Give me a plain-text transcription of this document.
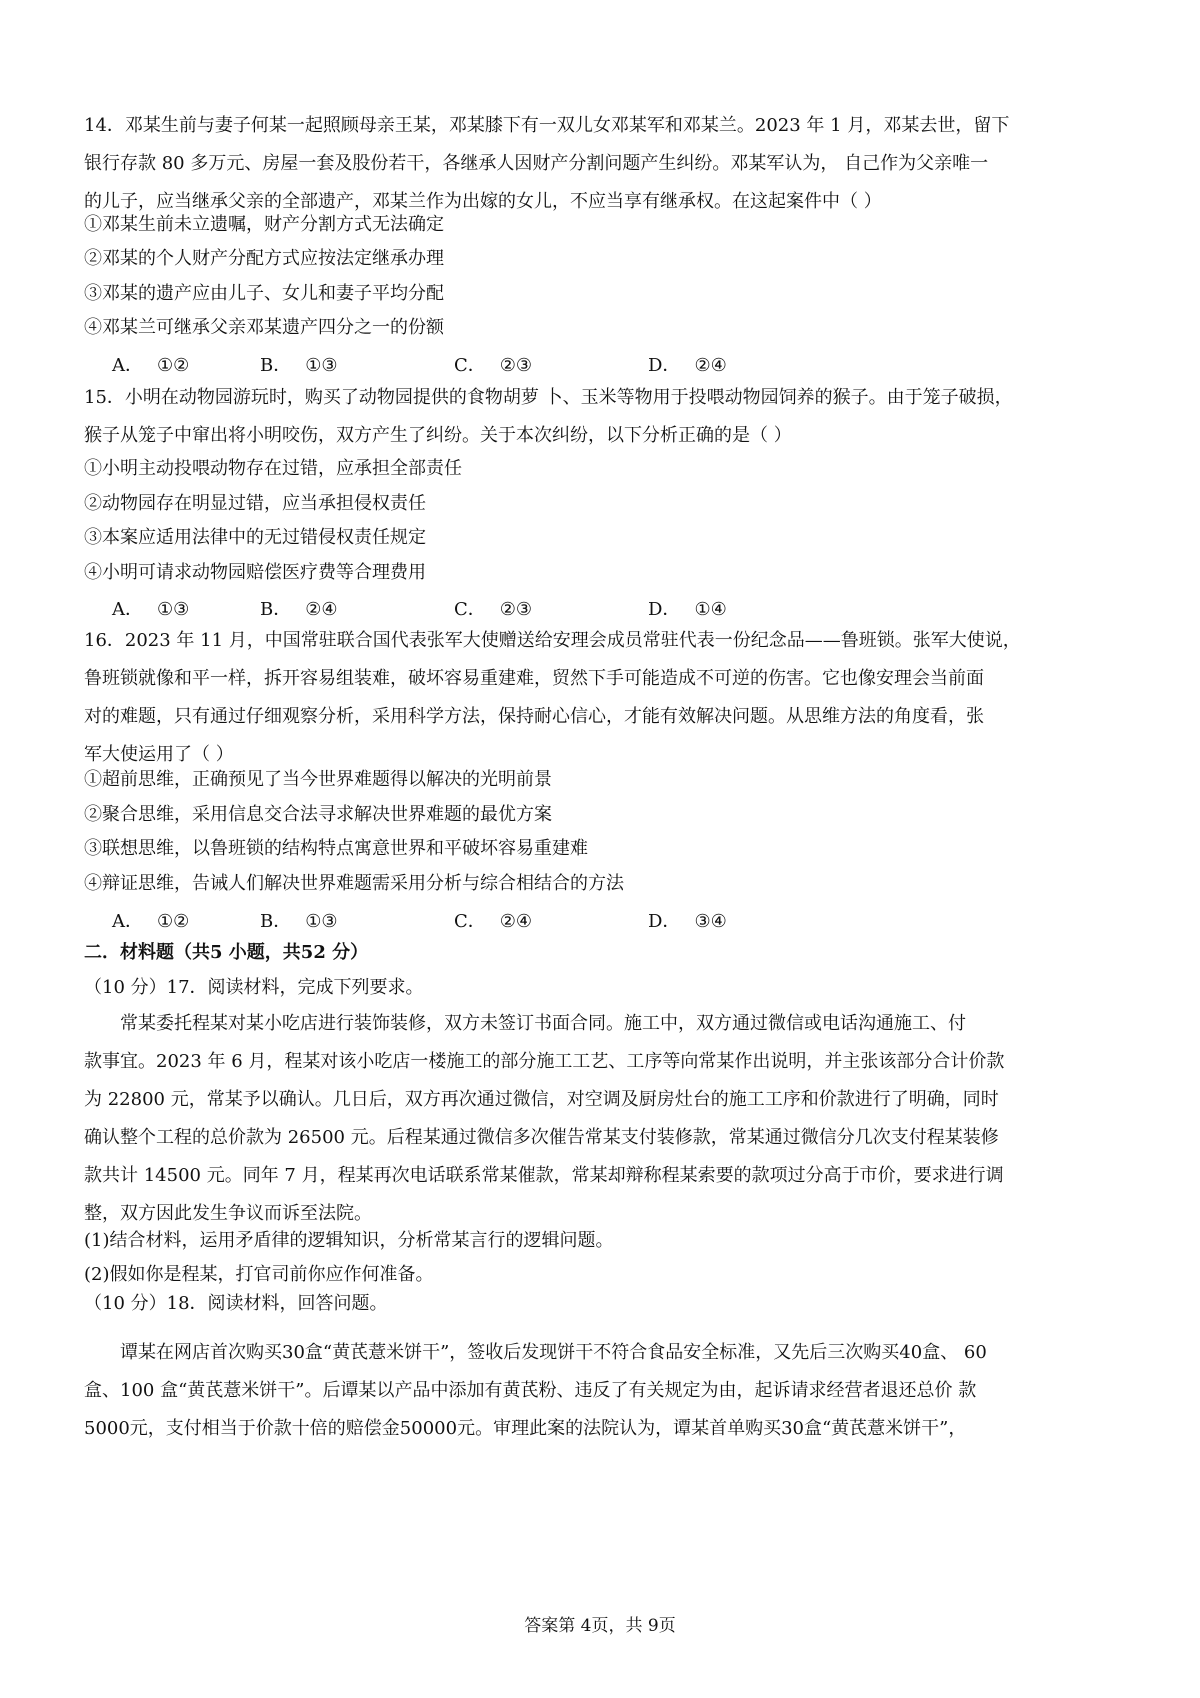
14．邓某生前与妻子何某一起照顾母亲王某，邓某膝下有一双儿女邓某军和邓某兰。2023 年 1 月，邓某去世，留下
银行存款 80 多万元、房屋一套及股份若干，各继承人因财产分割问题产生纠纷。邓某军认为， 自己作为父亲唯一
的儿子，应当继承父亲的全部遗产，邓某兰作为出嫁的女儿，不应当享有继承权。在这起案件中（ ）
①邓某生前未立遗嘱，财产分割方式无法确定
②邓某的个人财产分配方式应按法定继承办理
③邓某的遗产应由儿子、女儿和妻子平均分配
④邓某兰可继承父亲邓某遗产四分之一的份额
A． ①②	B． ①③	C． ②③	D． ②④
15．小明在动物园游玩时，购买了动物园提供的食物胡萝 卜、玉米等物用于投喂动物园饲养的猴子。由于笼子破损，
猴子从笼子中窜出将小明咬伤，双方产生了纠纷。关于本次纠纷，以下分析正确的是（ ）
①小明主动投喂动物存在过错，应承担全部责任
②动物园存在明显过错，应当承担侵权责任
③本案应适用法律中的无过错侵权责任规定
④小明可请求动物园赔偿医疗费等合理费用
A． ①③	B． ②④	C． ②③	D． ①④
16．2023 年 11 月，中国常驻联合国代表张军大使赠送给安理会成员常驻代表一份纪念品——鲁班锁。张军大使说，
鲁班锁就像和平一样，拆开容易组装难，破坏容易重建难，贸然下手可能造成不可逆的伤害。它也像安理会当前面
对的难题，只有通过仔细观察分析，采用科学方法，保持耐心信心，才能有效解决问题。从思维方法的角度看，张
军大使运用了（ ）
①超前思维，正确预见了当今世界难题得以解决的光明前景
②聚合思维，采用信息交合法寻求解决世界难题的最优方案
③联想思维，以鲁班锁的结构特点寓意世界和平破坏容易重建难
④辩证思维，告诫人们解决世界难题需采用分析与综合相结合的方法
A． ①②	B． ①③	C． ②④	D． ③④
二．材料题（共5 小题，共52 分）
（10 分）17．阅读材料，完成下列要求。
常某委托程某对某小吃店进行装饰装修，双方未签订书面合同。施工中，双方通过微信或电话沟通施工、付
款事宜。2023 年 6 月，程某对该小吃店一楼施工的部分施工工艺、工序等向常某作出说明，并主张该部分合计价款
为 22800 元，常某予以确认。几日后，双方再次通过微信，对空调及厨房灶台的施工工序和价款进行了明确，同时
确认整个工程的总价款为 26500 元。后程某通过微信多次催告常某支付装修款，常某通过微信分几次支付程某装修
款共计 14500 元。同年 7 月，程某再次电话联系常某催款，常某却辩称程某索要的款项过分高于市价，要求进行调
整，双方因此发生争议而诉至法院。
(1)结合材料，运用矛盾律的逻辑知识，分析常某言行的逻辑问题。
(2)假如你是程某，打官司前你应作何准备。
（10 分）18．阅读材料，回答问题。
谭某在网店首次购买30盒“黄芪薏米饼干”，签收后发现饼干不符合食品安全标准，又先后三次购买40盒、 60
盒、100 盒“黄芪薏米饼干”。后谭某以产品中添加有黄芪粉、违反了有关规定为由，起诉请求经营者退还总价 款
5000元，支付相当于价款十倍的赔偿金50000元。审理此案的法院认为，谭某首单购买30盒“黄芪薏米饼干”，
答案第 4页，共 9页
